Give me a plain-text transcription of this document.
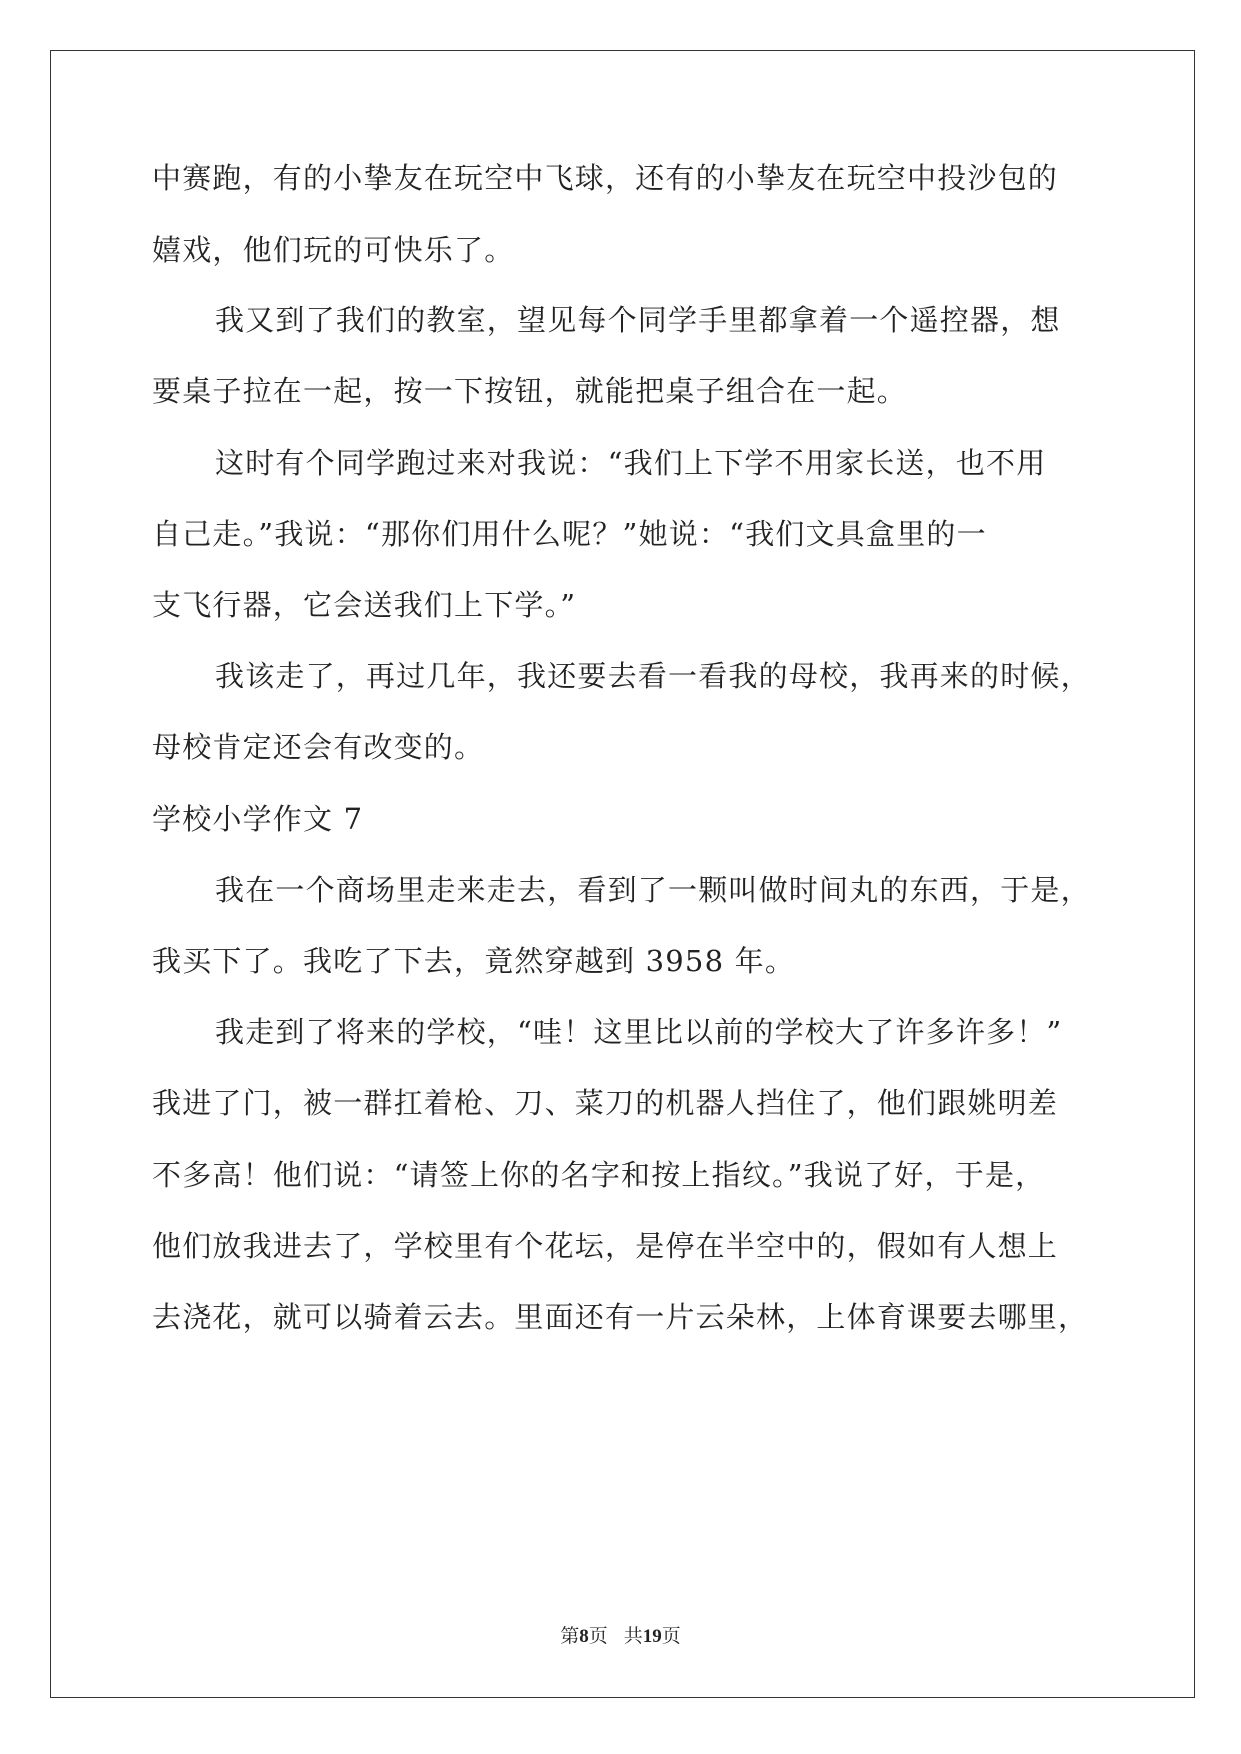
中赛跑，有的小挚友在玩空中飞球，还有的小挚友在玩空中投沙包的
嬉戏，他们玩的可快乐了。
我又到了我们的教室，望见每个同学手里都拿着一个遥控器，想
要桌子拉在一起，按一下按钮，就能把桌子组合在一起。
这时有个同学跑过来对我说：“我们上下学不用家长送，也不用
自己走。”我说：“那你们用什么呢？”她说：“我们文具盒里的一
支飞行器，它会送我们上下学。”
我该走了，再过几年，我还要去看一看我的母校，我再来的时候，
母校肯定还会有改变的。
学校小学作文 7
我在一个商场里走来走去，看到了一颗叫做时间丸的东西，于是，
我买下了。我吃了下去，竟然穿越到 3958 年。
我走到了将来的学校，“哇！这里比以前的学校大了许多许多！”
我进了门，被一群扛着枪、刀、菜刀的机器人挡住了，他们跟姚明差
不多高！他们说：“请签上你的名字和按上指纹。”我说了好，于是，
他们放我进去了，学校里有个花坛，是停在半空中的，假如有人想上
去浇花，就可以骑着云去。里面还有一片云朵林，上体育课要去哪里，
第8页 共19页
